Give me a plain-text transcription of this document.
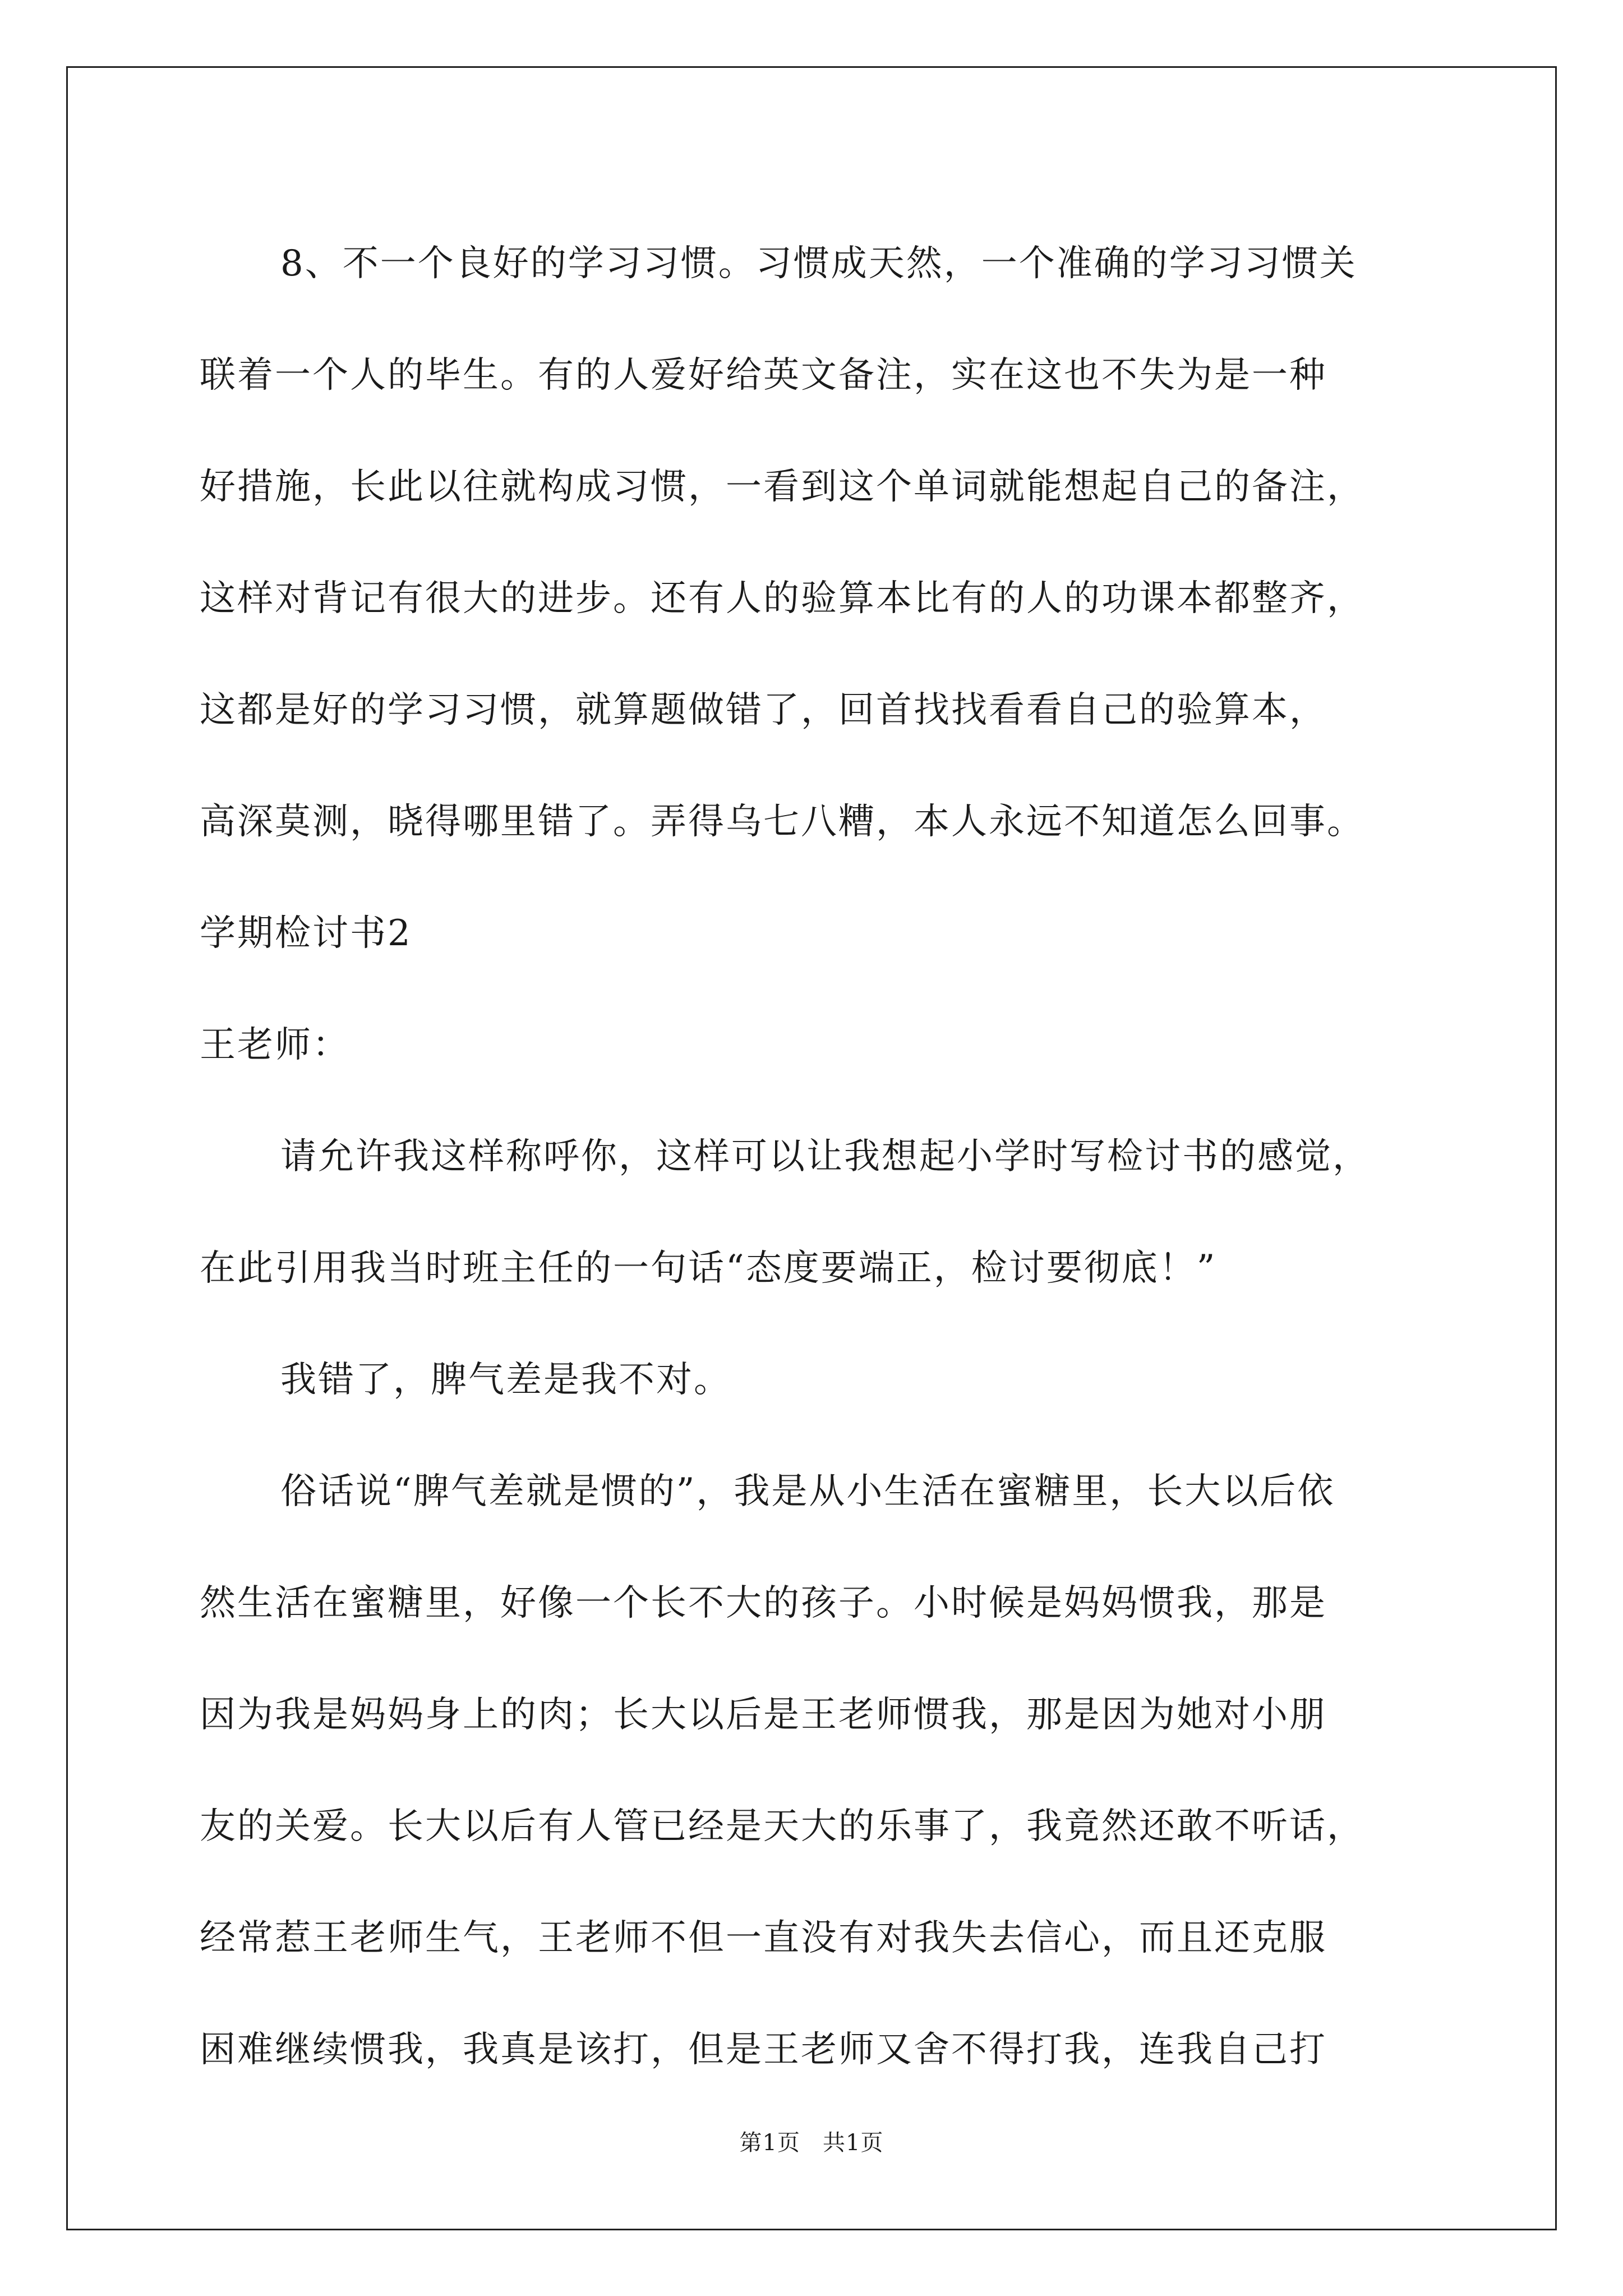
8、不一个良好的学习习惯。习惯成天然，一个准确的学习习惯关
联着一个人的毕生。有的人爱好给英文备注，实在这也不失为是一种
好措施，长此以往就构成习惯，一看到这个单词就能想起自己的备注，
这样对背记有很大的进步。还有人的验算本比有的人的功课本都整齐，
这都是好的学习习惯，就算题做错了，回首找找看看自己的验算本，
高深莫测，晓得哪里错了。弄得乌七八糟，本人永远不知道怎么回事。
学期检讨书2
王老师：
请允许我这样称呼你，这样可以让我想起小学时写检讨书的感觉，
在此引用我当时班主任的一句话“态度要端正，检讨要彻底！”
我错了，脾气差是我不对。
俗话说“脾气差就是惯的”，我是从小生活在蜜糖里，长大以后依
然生活在蜜糖里，好像一个长不大的孩子。小时候是妈妈惯我，那是
因为我是妈妈身上的肉；长大以后是王老师惯我，那是因为她对小朋
友的关爱。长大以后有人管已经是天大的乐事了，我竟然还敢不听话，
经常惹王老师生气，王老师不但一直没有对我失去信心，而且还克服
困难继续惯我，我真是该打，但是王老师又舍不得打我，连我自己打
第1页 共1页
